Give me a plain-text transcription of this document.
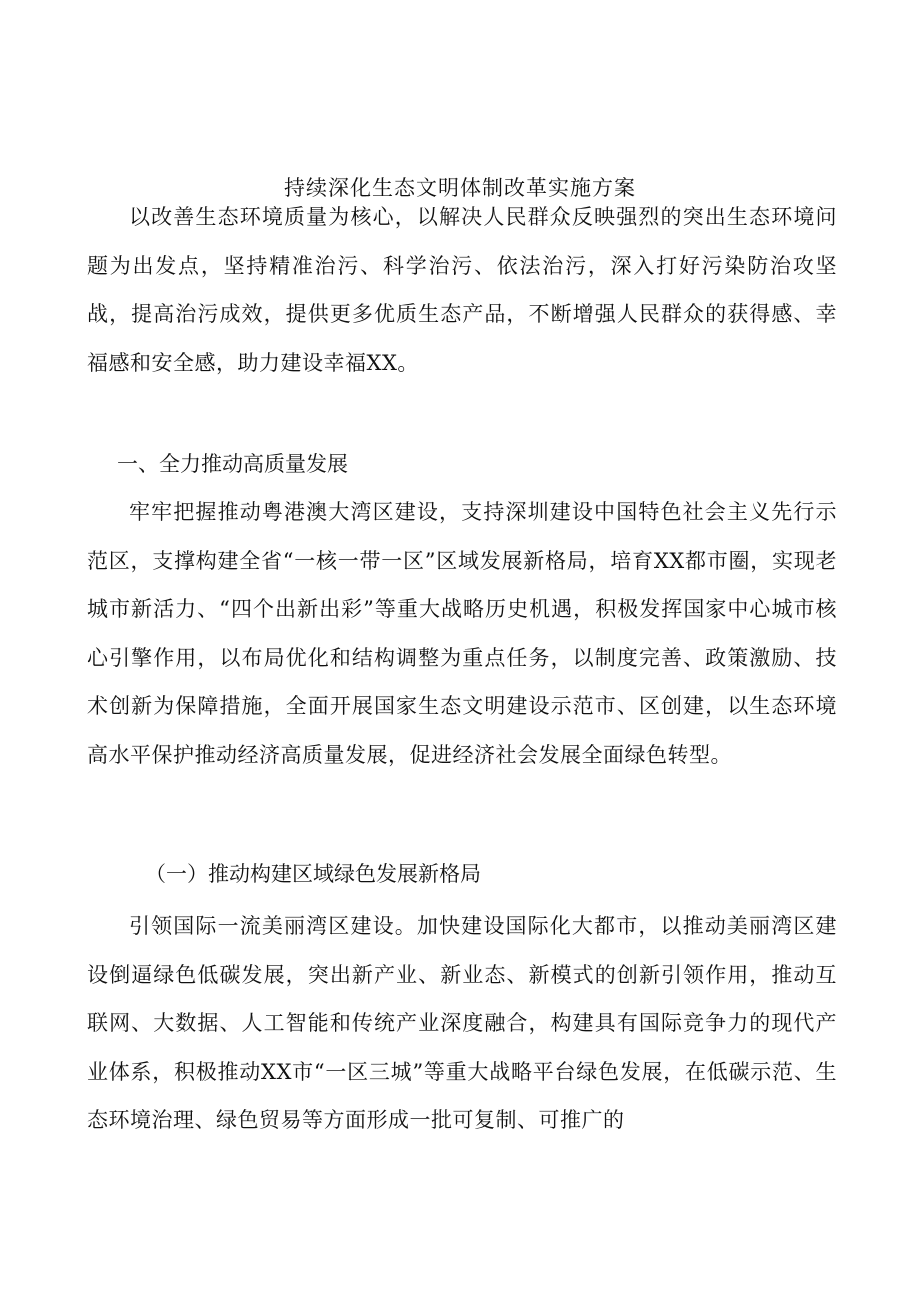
持续深化生态文明体制改革实施方案

以改善生态环境质量为核心，以解决人民群众反映强烈的突出生态环境问题为出发点，坚持精准治污、科学治污、依法治污，深入打好污染防治攻坚战，提高治污成效，提供更多优质生态产品，不断增强人民群众的获得感、幸福感和安全感，助力建设幸福XX。

一、全力推动高质量发展

牢牢把握推动粤港澳大湾区建设，支持深圳建设中国特色社会主义先行示范区，支撑构建全省“一核一带一区”区域发展新格局，培育XX都市圈，实现老城市新活力、“四个出新出彩”等重大战略历史机遇，积极发挥国家中心城市核心引擎作用，以布局优化和结构调整为重点任务，以制度完善、政策激励、技术创新为保障措施，全面开展国家生态文明建设示范市、区创建，以生态环境高水平保护推动经济高质量发展，促进经济社会发展全面绿色转型。

（一）推动构建区域绿色发展新格局

引领国际一流美丽湾区建设。加快建设国际化大都市，以推动美丽湾区建设倒逼绿色低碳发展，突出新产业、新业态、新模式的创新引领作用，推动互联网、大数据、人工智能和传统产业深度融合，构建具有国际竞争力的现代产业体系，积极推动XX市“一区三城”等重大战略平台绿色发展，在低碳示范、生态环境治理、绿色贸易等方面形成一批可复制、可推广的
